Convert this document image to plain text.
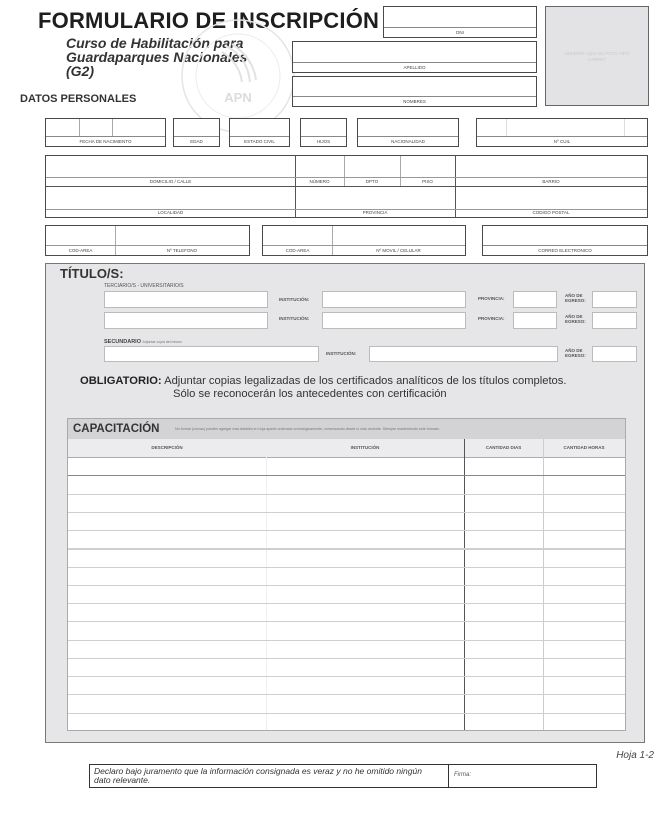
FORMULARIO DE INSCRIPCIÓN
Curso de Habilitación para
Guardaparques Nacionales
(G2)
APN
DATOS PERSONALES
DNI
APELLIDO
NOMBRES
ADHERIR AQUI SU FOTO TIPO CARNET
FECHA DE NACIMIENTO	EDAD	ESTADO CIVIL	HIJOS	NACIONALIDAD	Nº CUIL
DOMICILIO / CALLE	NÚMERO	DPTO	PISO	BARRIO
LOCALIDAD	PROVINCIA	CODIGO POSTAL
COD-AREA	Nº TELEFONO	COD-AREA	Nº MOVIL / CELULAR	CORREO ELECTRONICO
TÍTULO/S:
TERCIARIO/S - UNIVERSITARIO/S
INSTITUCIÓN:	PROVINCIA:
AÑO DE
EGRESO:
INSTITUCIÓN:	PROVINCIA:	AÑO DE
EGRESO:
SECUNDARIO Adjuntar copia del mismo
INSTITUCIÓN:
AÑO DE
EGRESO:
OBLIGATORIO: Adjuntar copias legalizadas de los certificados analíticos de los títulos completos.
Sólo se reconocerán los antecedentes con certificación
CAPACITACIÓN	No formar (curvas) pueden agregar mas detalles en hoja aparte ordenado cronológicamente, comenzando desde lo más reciente. Siempre manteniendo este formato.
DESCRIPCIÓN	INSTITUCIÓN	CANTIDAD DIAS	CANTIDAD HORAS
Hoja 1-2
Declaro bajo juramento que la información consignada es veraz y no he omitido ningún dato relevante.	Firma:
